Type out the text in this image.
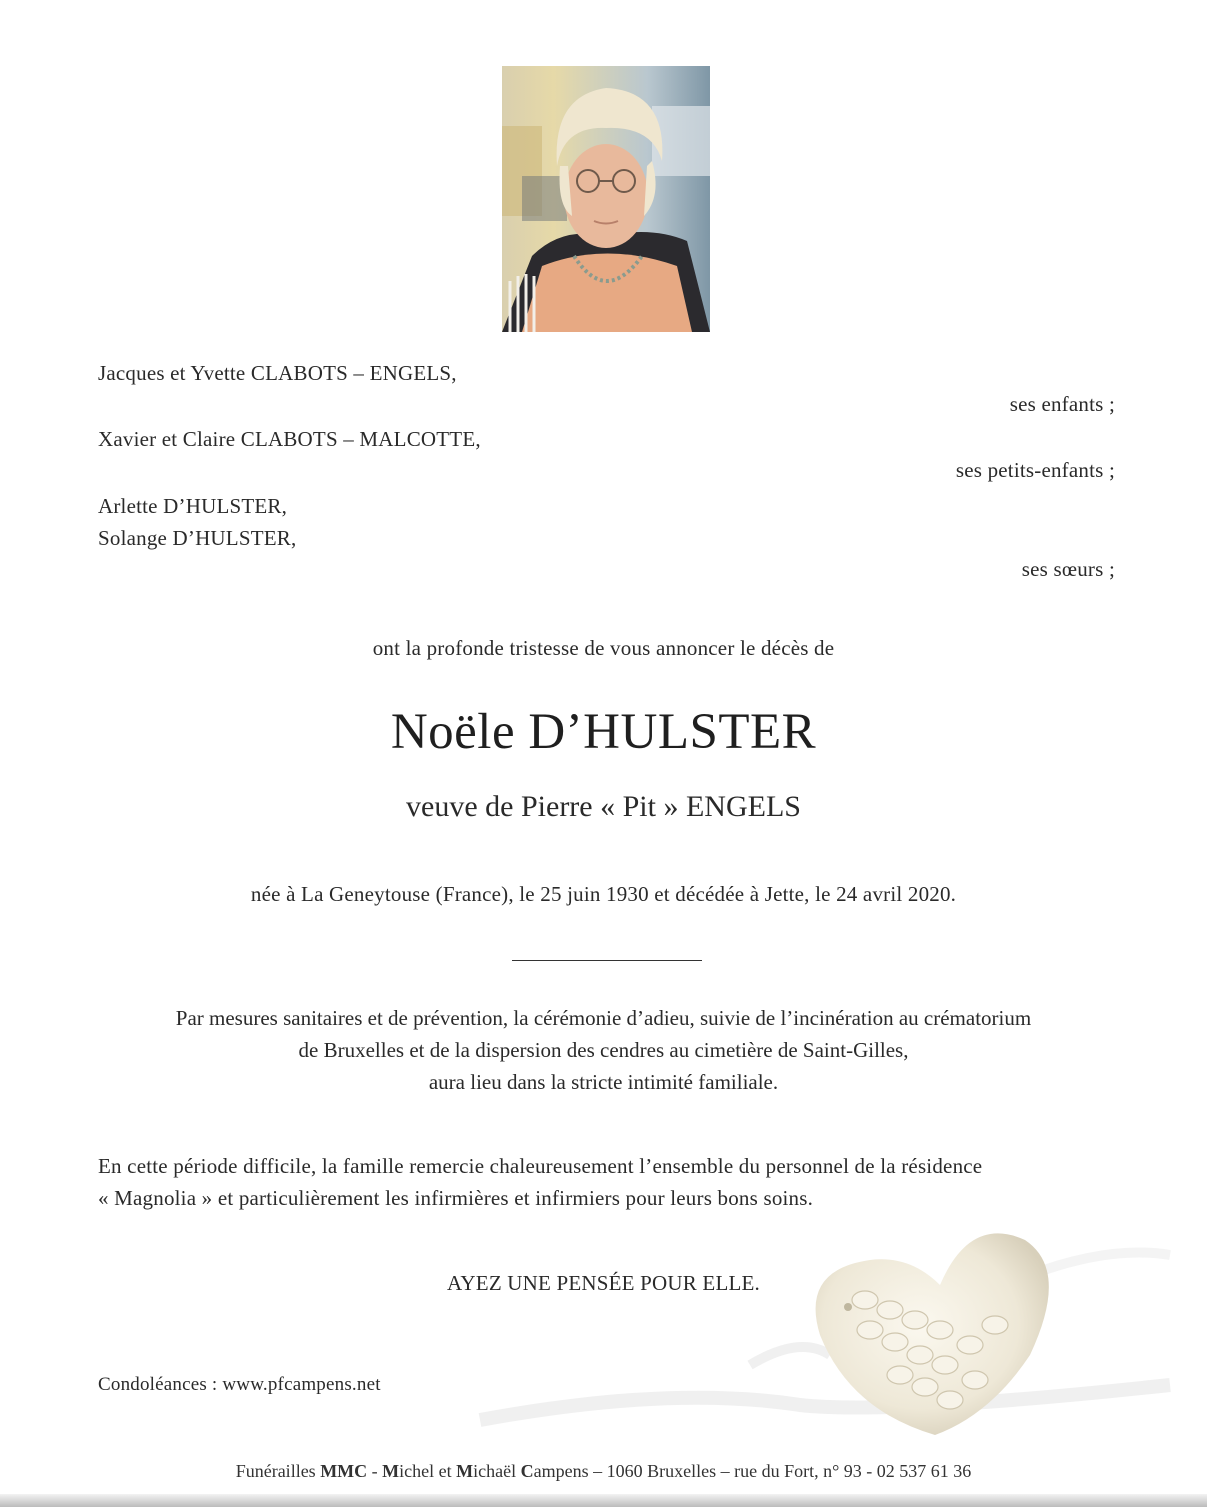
Jacques et Yvette CLABOTS – ENGELS,
ses enfants ;
Xavier et Claire CLABOTS – MALCOTTE,
ses petits-enfants ;
Arlette D’HULSTER,
Solange D’HULSTER,
ses sœurs ;
ont la profonde tristesse de vous annoncer le décès de
Noële D’HULSTER
veuve de Pierre « Pit » ENGELS
née à La Geneytouse (France), le 25 juin 1930 et décédée à Jette, le 24 avril 2020.
Par mesures sanitaires et de prévention, la cérémonie d’adieu, suivie de l’incinération au crématorium
de Bruxelles et de la dispersion des cendres au cimetière de Saint-Gilles,
aura lieu dans la stricte intimité familiale.
En cette période difficile, la famille remercie chaleureusement l’ensemble du personnel de la résidence
« Magnolia » et particulièrement les infirmières et infirmiers pour leurs bons soins.
AYEZ UNE PENSÉE POUR ELLE.
Condoléances : www.pfcampens.net
Funérailles MMC - Michel et Michaël Campens – 1060 Bruxelles – rue du Fort, n° 93 - 02 537 61 36
